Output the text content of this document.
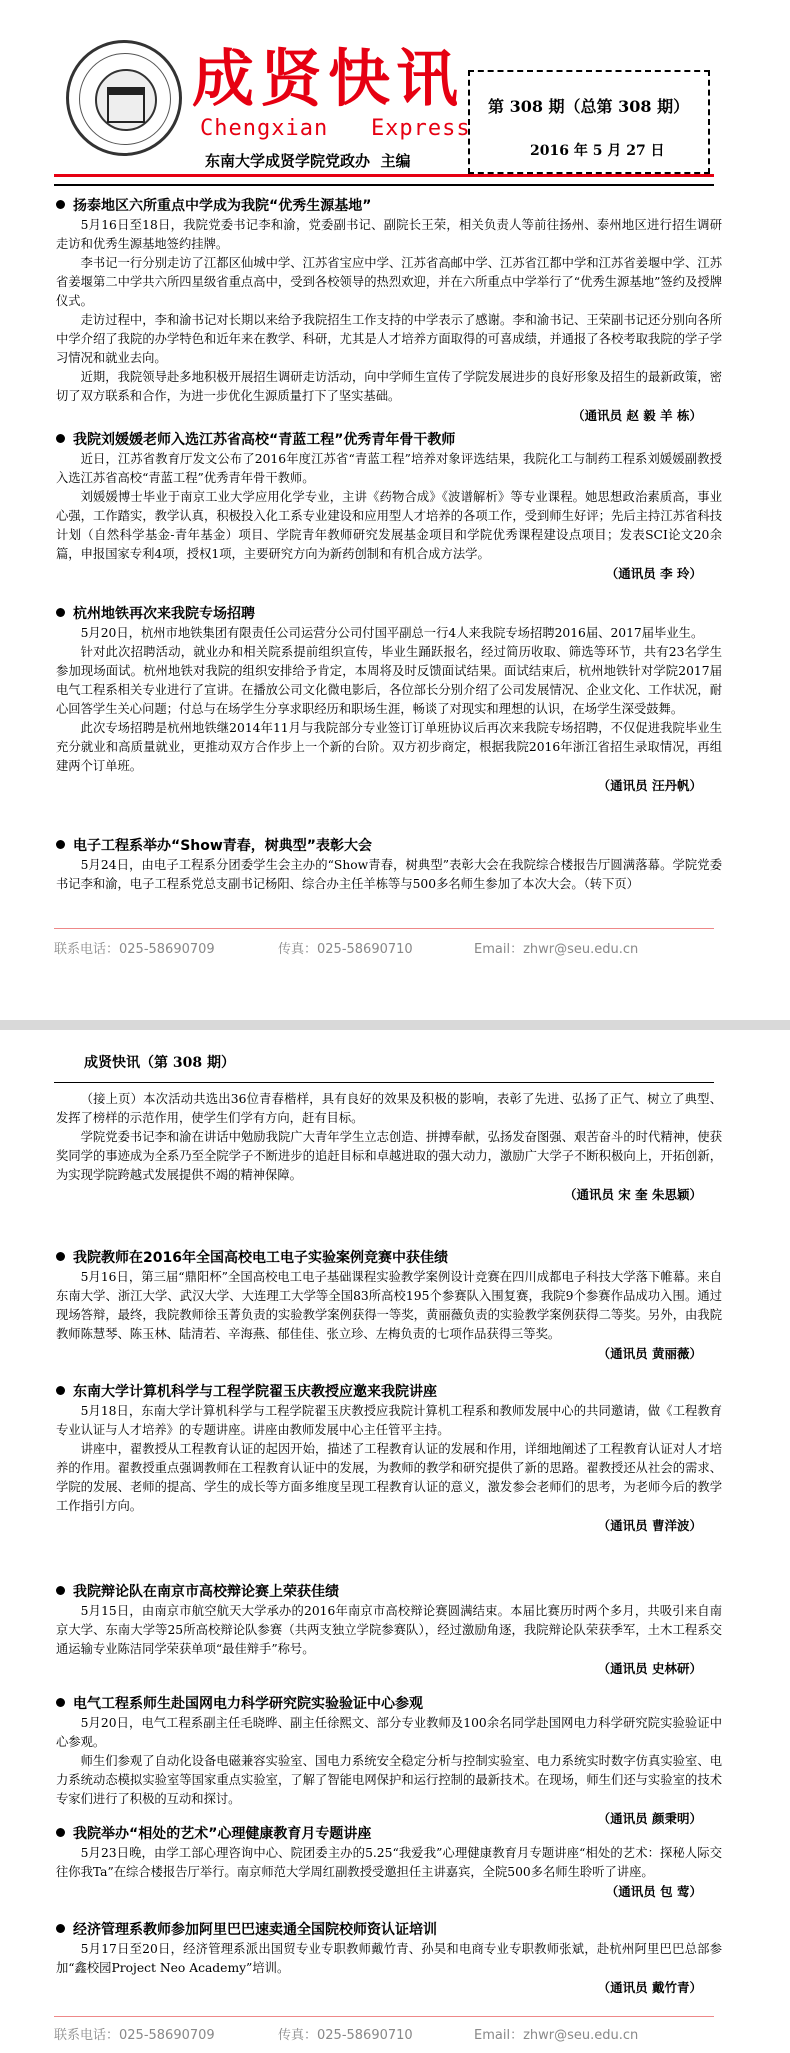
成贤快讯
Chengxian   Express
东南大学成贤学院党政办  主编
第 308 期（总第 308 期）
2016 年 5 月 27 日
扬泰地区六所重点中学成为我院“优秀生源基地”

5月16日至18日，我院党委书记李和渝，党委副书记、副院长王荣，相关负责人等前往扬州、泰州地区进行招生调研走访和优秀生源基地签约挂牌。

李书记一行分别走访了江都区仙城中学、江苏省宝应中学、江苏省高邮中学、江苏省江都中学和江苏省姜堰中学、江苏省姜堰第二中学共六所四星级省重点高中，受到各校领导的热烈欢迎，并在六所重点中学举行了“优秀生源基地”签约及授牌仪式。

走访过程中，李和渝书记对长期以来给予我院招生工作支持的中学表示了感谢。李和渝书记、王荣副书记还分别向各所中学介绍了我院的办学特色和近年来在教学、科研，尤其是人才培养方面取得的可喜成绩，并通报了各校考取我院的学子学习情况和就业去向。

近期，我院领导赴多地积极开展招生调研走访活动，向中学师生宣传了学院发展进步的良好形象及招生的最新政策，密切了双方联系和合作，为进一步优化生源质量打下了坚实基础。

（通讯员 赵 毅 羊 栋）
我院刘媛媛老师入选江苏省高校“青蓝工程”优秀青年骨干教师

近日，江苏省教育厅发文公布了2016年度江苏省“青蓝工程”培养对象评选结果，我院化工与制药工程系刘媛媛副教授入选江苏省高校“青蓝工程”优秀青年骨干教师。

刘媛媛博士毕业于南京工业大学应用化学专业，主讲《药物合成》《波谱解析》等专业课程。她思想政治素质高，事业心强，工作踏实，教学认真，积极投入化工系专业建设和应用型人才培养的各项工作，受到师生好评；先后主持江苏省科技计划（自然科学基金-青年基金）项目、学院青年教师研究发展基金项目和学院优秀课程建设点项目；发表SCI论文20余篇，申报国家专利4项，授权1项，主要研究方向为新药创制和有机合成方法学。

（通讯员 李 玲）
杭州地铁再次来我院专场招聘

5月20日，杭州市地铁集团有限责任公司运营分公司付国平副总一行4人来我院专场招聘2016届、2017届毕业生。

针对此次招聘活动，就业办和相关院系提前组织宣传，毕业生踊跃报名，经过简历收取、筛选等环节，共有23名学生参加现场面试。杭州地铁对我院的组织安排给予肯定，本周将及时反馈面试结果。面试结束后，杭州地铁针对学院2017届电气工程系相关专业进行了宣讲。在播放公司文化微电影后，各位部长分别介绍了公司发展情况、企业文化、工作状况，耐心回答学生关心问题；付总与在场学生分享求职经历和职场生涯，畅谈了对现实和理想的认识，在场学生深受鼓舞。

此次专场招聘是杭州地铁继2014年11月与我院部分专业签订订单班协议后再次来我院专场招聘，不仅促进我院毕业生充分就业和高质量就业，更推动双方合作步上一个新的台阶。双方初步商定，根据我院2016年浙江省招生录取情况，再组建两个订单班。

（通讯员 汪丹帆）
电子工程系举办“Show青春，树典型”表彰大会

5月24日，由电子工程系分团委学生会主办的“Show青春，树典型”表彰大会在我院综合楼报告厅圆满落幕。学院党委书记李和渝，电子工程系党总支副书记杨阳、综合办主任羊栋等与500多名师生参加了本次大会。（转下页）

联系电话：025-58690709	传真：025-58690710	Email：zhwr@seu.edu.cn
成贤快讯（第 308 期）

（接上页）本次活动共选出36位青春楷样，具有良好的效果及积极的影响，表彰了先进、弘扬了正气、树立了典型、发挥了榜样的示范作用，使学生们学有方向，赶有目标。

学院党委书记李和渝在讲话中勉励我院广大青年学生立志创造、拼搏奉献，弘扬发奋图强、艰苦奋斗的时代精神，使获奖同学的事迹成为全系乃至全院学子不断进步的追赶目标和卓越进取的强大动力，激励广大学子不断积极向上，开拓创新，为实现学院跨越式发展提供不竭的精神保障。

（通讯员 宋 奎 朱思颖）
我院教师在2016年全国高校电工电子实验案例竞赛中获佳绩

5月16日，第三届“鼎阳杯”全国高校电工电子基础课程实验教学案例设计竞赛在四川成都电子科技大学落下帷幕。来自东南大学、浙江大学、武汉大学、大连理工大学等全国83所高校195个参赛队入围复赛，我院9个参赛作品成功入围。通过现场答辩，最终，我院教师徐玉菁负责的实验教学案例获得一等奖，黄丽薇负责的实验教学案例获得二等奖。另外，由我院教师陈慧琴、陈玉林、陆清若、辛海燕、郁佳佳、张立珍、左梅负责的七项作品获得三等奖。

（通讯员 黄丽薇）
东南大学计算机科学与工程学院翟玉庆教授应邀来我院讲座

5月18日，东南大学计算机科学与工程学院翟玉庆教授应我院计算机工程系和教师发展中心的共同邀请，做《工程教育专业认证与人才培养》的专题讲座。讲座由教师发展中心主任管平主持。

讲座中，翟教授从工程教育认证的起因开始，描述了工程教育认证的发展和作用，详细地阐述了工程教育认证对人才培养的作用。翟教授重点强调教师在工程教育认证中的发展，为教师的教学和研究提供了新的思路。翟教授还从社会的需求、学院的发展、老师的提高、学生的成长等方面多维度呈现工程教育认证的意义，激发参会老师们的思考，为老师今后的教学工作指引方向。

（通讯员 曹洋波）
我院辩论队在南京市高校辩论赛上荣获佳绩

5月15日，由南京市航空航天大学承办的2016年南京市高校辩论赛圆满结束。本届比赛历时两个多月，共吸引来自南京大学、东南大学等25所高校辩论队参赛（共两支独立学院参赛队），经过激励角逐，我院辩论队荣获季军，土木工程系交通运输专业陈洁同学荣获单项“最佳辩手”称号。

（通讯员 史林研）
电气工程系师生赴国网电力科学研究院实验验证中心参观

5月20日，电气工程系副主任毛晓晔、副主任徐熙文、部分专业教师及100余名同学赴国网电力科学研究院实验验证中心参观。

师生们参观了自动化设备电磁兼容实验室、国电力系统安全稳定分析与控制实验室、电力系统实时数字仿真实验室、电力系统动态模拟实验室等国家重点实验室，了解了智能电网保护和运行控制的最新技术。在现场，师生们还与实验室的技术专家们进行了积极的互动和探讨。

（通讯员 颜秉明）
我院举办“相处的艺术”心理健康教育月专题讲座

5月23日晚，由学工部心理咨询中心、院团委主办的5.25“我爱我”心理健康教育月专题讲座“相处的艺术：探秘人际交往你我Ta”在综合楼报告厅举行。南京师范大学周红副教授受邀担任主讲嘉宾，全院500多名师生聆听了讲座。

（通讯员 包 莺）
经济管理系教师参加阿里巴巴速卖通全国院校师资认证培训

5月17日至20日，经济管理系派出国贸专业专职教师戴竹青、孙昊和电商专业专职教师张斌，赴杭州阿里巴巴总部参加“鑫校园Project Neo Academy”培训。

（通讯员 戴竹青）
联系电话：025-58690709	传真：025-58690710	Email：zhwr@seu.edu.cn
